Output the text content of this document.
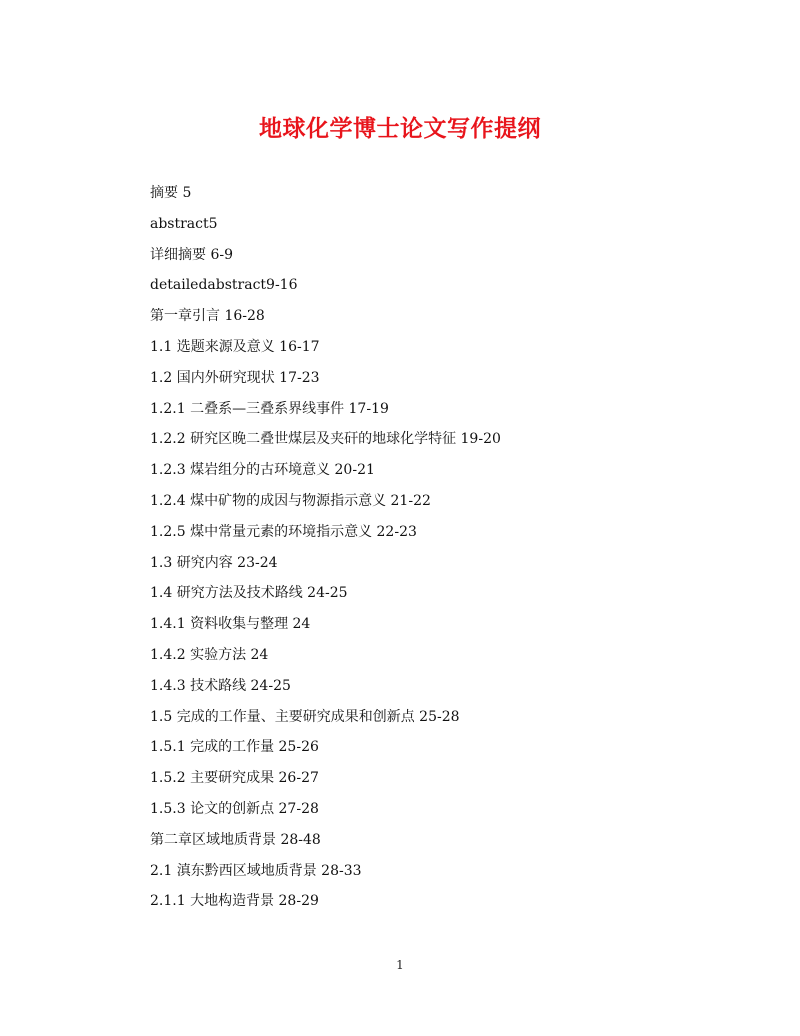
地球化学博士论文写作提纲
摘要 5
abstract5
详细摘要 6-9
detailedabstract9-16
第一章引言 16-28
1.1 选题来源及意义 16-17
1.2 国内外研究现状 17-23
1.2.1 二叠系—三叠系界线事件 17-19
1.2.2 研究区晚二叠世煤层及夹矸的地球化学特征 19-20
1.2.3 煤岩组分的古环境意义 20-21
1.2.4 煤中矿物的成因与物源指示意义 21-22
1.2.5 煤中常量元素的环境指示意义 22-23
1.3 研究内容 23-24
1.4 研究方法及技术路线 24-25
1.4.1 资料收集与整理 24
1.4.2 实验方法 24
1.4.3 技术路线 24-25
1.5 完成的工作量、主要研究成果和创新点 25-28
1.5.1 完成的工作量 25-26
1.5.2 主要研究成果 26-27
1.5.3 论文的创新点 27-28
第二章区域地质背景 28-48
2.1 滇东黔西区域地质背景 28-33
2.1.1 大地构造背景 28-29
1
